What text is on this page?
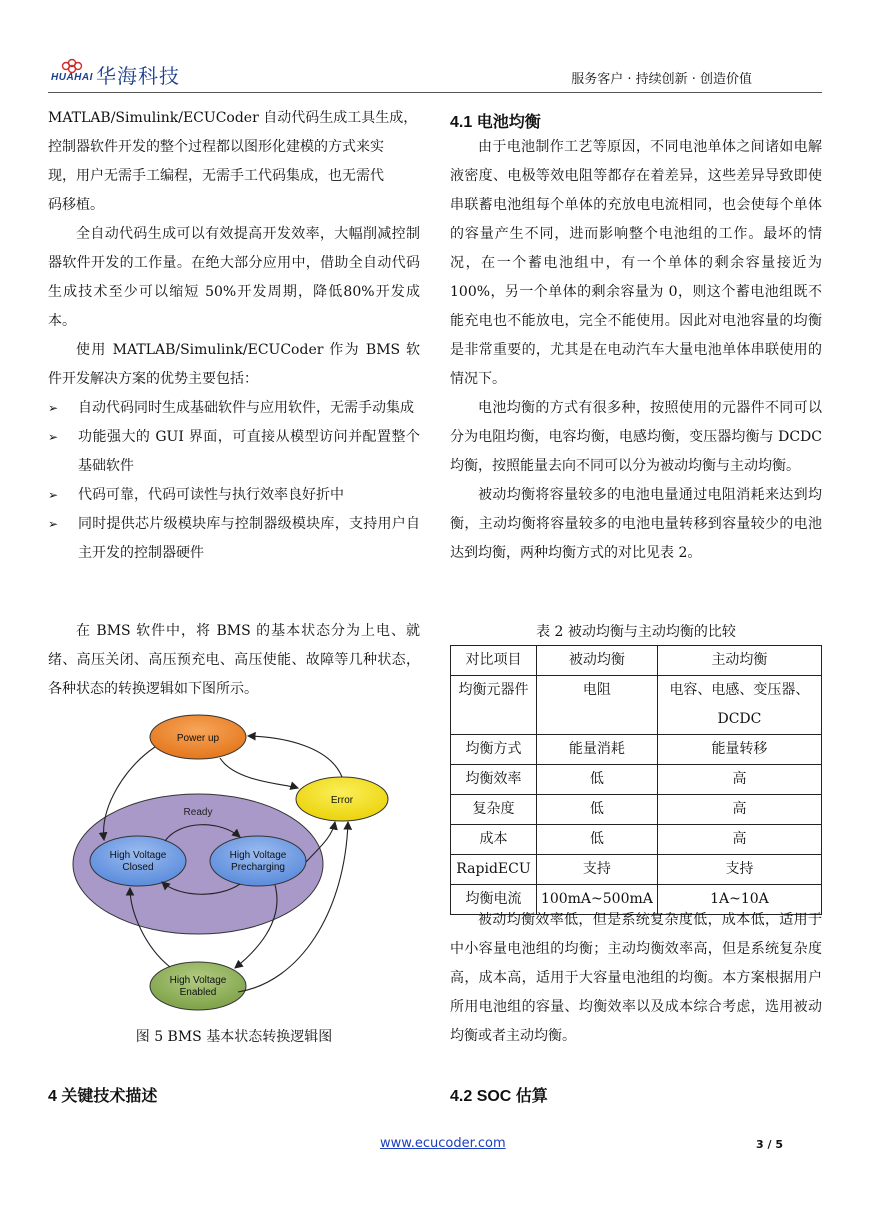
HUAHAI 华海科技	服务客户 · 持续创新 · 创造价值

MATLAB/Simulink/ECUCoder 自动代码生成工具生成，

控制器软件开发的整个过程都以图形化建模的方式来实

现，用户无需手工编程，无需手工代码集成，也无需代

码移植。

全自动代码生成可以有效提高开发效率，大幅削减控制器软件开发的工作量。在绝大部分应用中，借助全自动代码生成技术至少可以缩短 50%开发周期，降低80%开发成本。

使用 MATLAB/Simulink/ECUCoder 作为 BMS 软件开发解决方案的优势主要包括：

➢	自动代码同时生成基础软件与应用软件，无需手动集成
➢	功能强大的 GUI 界面，可直接从模型访问并配置整个基础软件
➢	代码可靠，代码可读性与执行效率良好折中
➢	同时提供芯片级模块库与控制器级模块库，支持用户自主开发的控制器硬件

在 BMS 软件中，将 BMS 的基本状态分为上电、就绪、高压关闭、高压预充电、高压使能、故障等几种状态，各种状态的转换逻辑如下图所示。

Ready
Power up
Error
High Voltage
Closed
High Voltage
Precharging
High Voltage
Enabled
图 5 BMS 基本状态转换逻辑图
4 关键技术描述
4.1 电池均衡

由于电池制作工艺等原因，不同电池单体之间诸如电解液密度、电极等效电阻等都存在着差异，这些差异导致即使串联蓄电池组每个单体的充放电电流相同，也会使每个单体的容量产生不同，进而影响整个电池组的工作。最坏的情况，在一个蓄电池组中，有一个单体的剩余容量接近为 100%，另一个单体的剩余容量为 0，则这个蓄电池组既不能充电也不能放电，完全不能使用。因此对电池容量的均衡是非常重要的，尤其是在电动汽车大量电池单体串联使用的情况下。

电池均衡的方式有很多种，按照使用的元器件不同可以分为电阻均衡，电容均衡，电感均衡，变压器均衡与 DCDC 均衡，按照能量去向不同可以分为被动均衡与主动均衡。

被动均衡将容量较多的电池电量通过电阻消耗来达到均衡，主动均衡将容量较多的电池电量转移到容量较少的电池达到均衡，两种均衡方式的对比见表 2。

表 2 被动均衡与主动均衡的比较
对比项目	被动均衡	主动均衡
均衡元器件	电阻	电容、电感、变压器、DCDC
均衡方式	能量消耗	能量转移
均衡效率	低	高
复杂度	低	高
成本	低	高
RapidECU	支持	支持
均衡电流	100mA~500mA	1A~10A

被动均衡效率低，但是系统复杂度低，成本低，适用于中小容量电池组的均衡；主动均衡效率高，但是系统复杂度高，成本高，适用于大容量电池组的均衡。本方案根据用户所用电池组的容量、均衡效率以及成本综合考虑，选用被动均衡或者主动均衡。

4.2 SOC 估算
www.ecucoder.com	3 / 5
